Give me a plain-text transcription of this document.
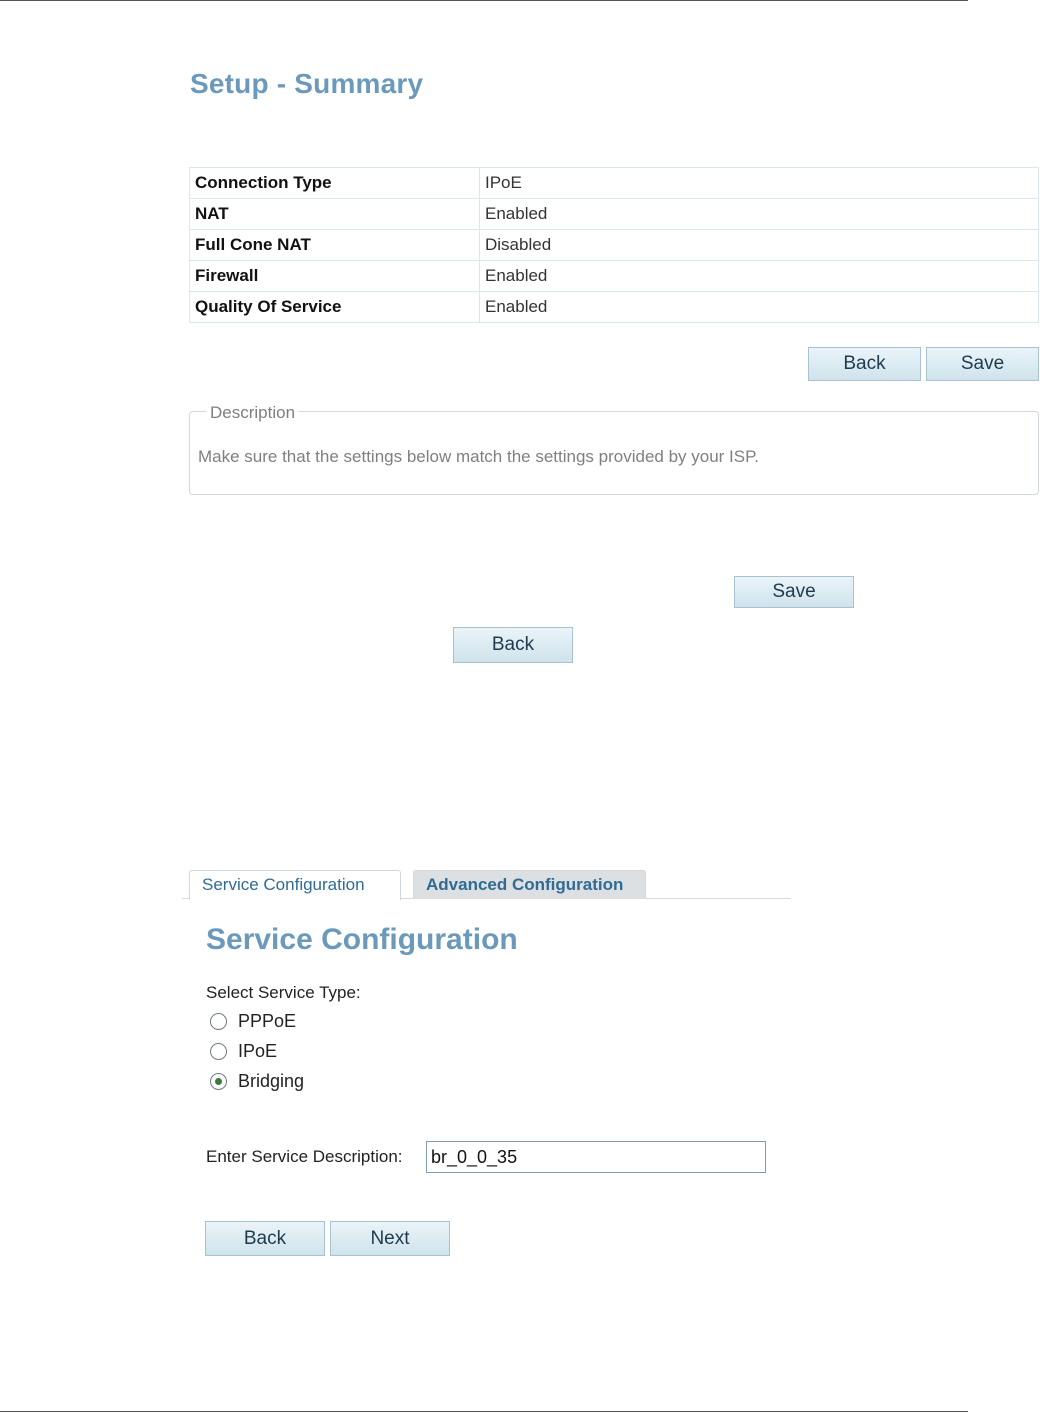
Setup - Summary
Connection Type	IPoE
NAT	Enabled
Full Cone NAT	Disabled
Firewall	Enabled
Quality Of Service	Enabled
Back	Save
Description
Make sure that the settings below match the settings provided by your ISP.
Save
Back
Service Configuration	Advanced Configuration
Service Configuration
Select Service Type:
PPPoE
IPoE
Bridging
Enter Service Description:
br_0_0_35
Back	Next
